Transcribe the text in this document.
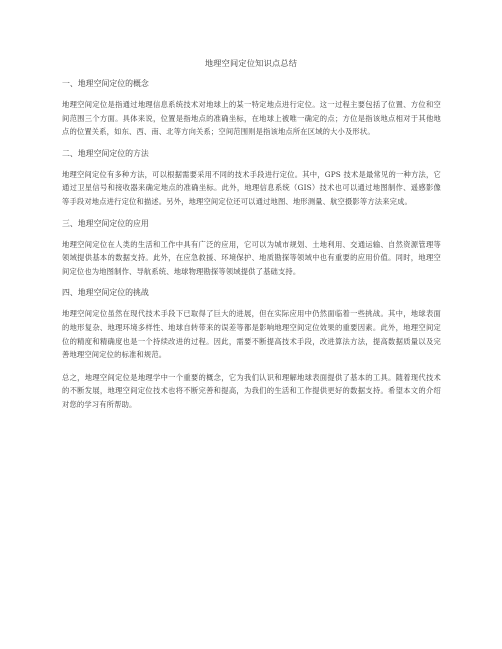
地理空间定位知识点总结
一、地理空间定位的概念

地理空间定位是指通过地理信息系统技术对地球上的某一特定地点进行定位。这一过程主要包括了位置、方位和空间范围三个方面。具体来说，位置是指地点的准确坐标，在地球上被唯一确定的点；方位是指该地点相对于其他地点的位置关系，如东、西、南、北等方向关系；空间范围则是指该地点所在区域的大小及形状。

二、地理空间定位的方法

地理空间定位有多种方法，可以根据需要采用不同的技术手段进行定位。其中，GPS 技术是最常见的一种方法，它通过卫星信号和接收器来确定地点的准确坐标。此外，地理信息系统（GIS）技术也可以通过地图制作、遥感影像等手段对地点进行定位和描述。另外，地理空间定位还可以通过地图、地形测量、航空摄影等方法来完成。

三、地理空间定位的应用

地理空间定位在人类的生活和工作中具有广泛的应用，它可以为城市规划、土地利用、交通运输、自然资源管理等领域提供基本的数据支持。此外，在应急救援、环境保护、地质勘探等领域中也有重要的应用价值。同时，地理空间定位也为地图制作、导航系统、地球物理勘探等领域提供了基础支持。

四、地理空间定位的挑战

地理空间定位虽然在现代技术手段下已取得了巨大的进展，但在实际应用中仍然面临着一些挑战。其中，地球表面的地形复杂、地理环境多样性、地球自转带来的误差等都是影响地理空间定位效果的重要因素。此外，地理空间定位的精度和精确度也是一个持续改进的过程。因此，需要不断提高技术手段，改进算法方法，提高数据质量以及完善地理空间定位的标准和规范。

总之，地理空间定位是地理学中一个重要的概念，它为我们认识和理解地球表面提供了基本的工具。随着现代技术的不断发展，地理空间定位技术也将不断完善和提高，为我们的生活和工作提供更好的数据支持。希望本文的介绍对您的学习有所帮助。
